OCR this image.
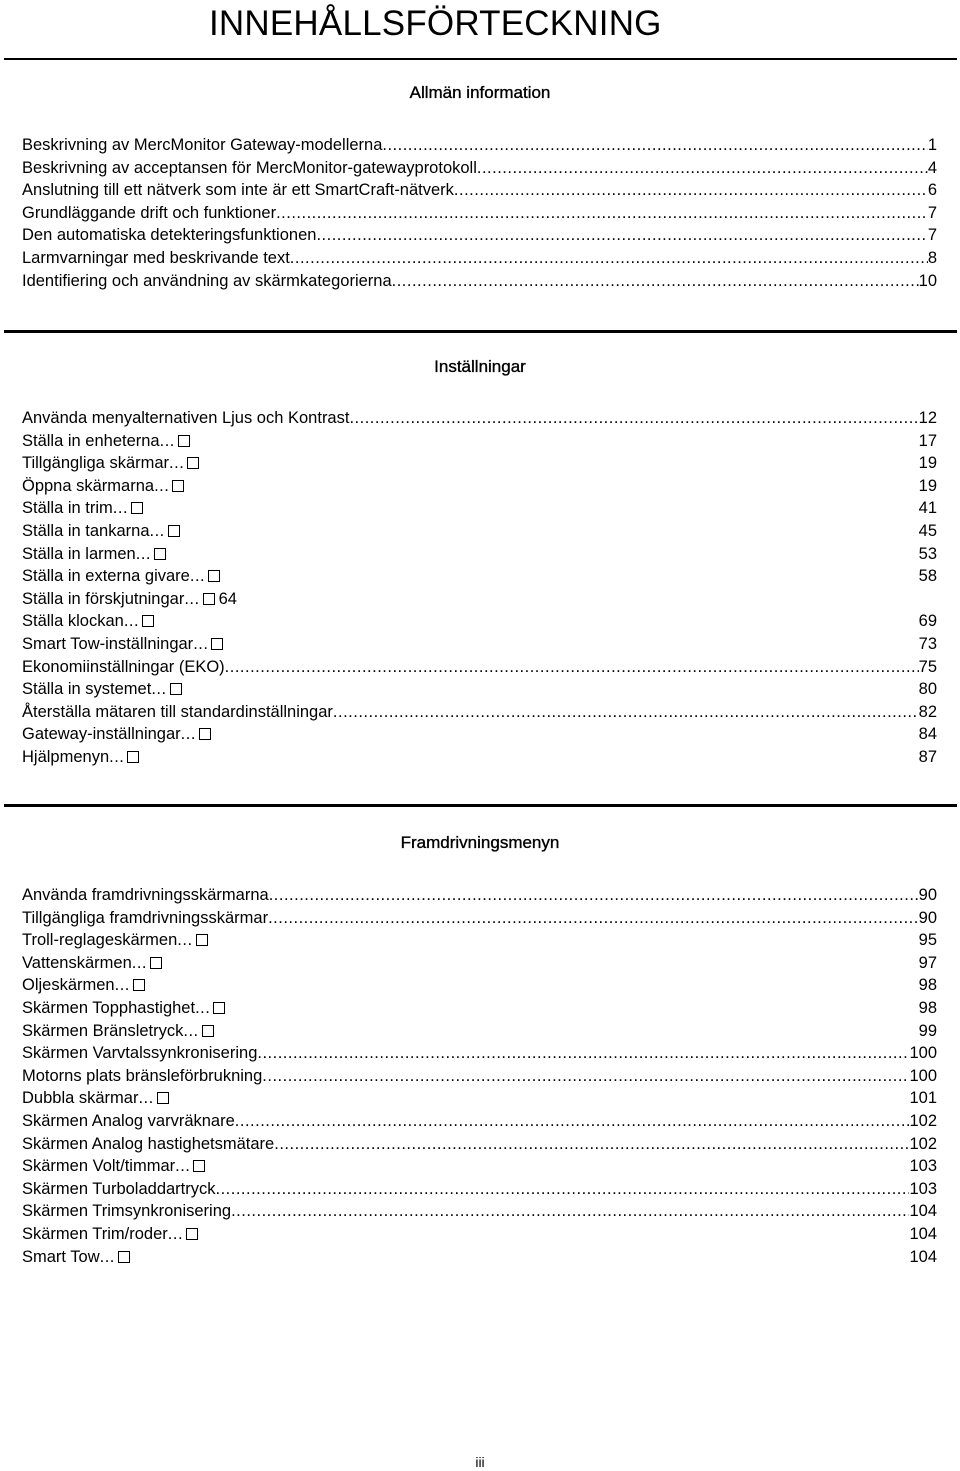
INNEHÅLLSFÖRTECKNING
Allmän information
Beskrivning av MercMonitor Gateway-modellerna .....	1
Beskrivning av acceptansen för MercMonitor-gatewayprotokoll .....	4
Anslutning till ett nätverk som inte är ett SmartCraft-nätverk .....	6
Grundläggande drift och funktioner .....	7
Den automatiska detekteringsfunktionen .....	7
Larmvarningar med beskrivande text .....	8
Identifiering och användning av skärmkategorierna .....	10
Inställningar
Använda menyalternativen Ljus och Kontrast .....	12
Ställa in enheterna...	17
Tillgängliga skärmar...	19
Öppna skärmarna...	19
Ställa in trim...	41
Ställa in tankarna...	45
Ställa in larmen...	53
Ställa in externa givare...	58
Ställa in förskjutningar... 64
Ställa klockan...	69
Smart Tow-inställningar...	73
Ekonomiinställningar (EKO) .....	75
Ställa in systemet...	80
Återställa mätaren till standardinställningar .....	82
Gateway-inställningar...	84
Hjälpmenyn...	87
Framdrivningsmenyn
Använda framdrivningsskärmarna .....	90
Tillgängliga framdrivningsskärmar .....	90
Troll-reglageskärmen...	95
Vattenskärmen...	97
Oljeskärmen...	98
Skärmen Topphastighet...	98
Skärmen Bränsletryck...	99
Skärmen Varvtalssynkronisering .....	100
Motorns plats bränsleförbrukning .....	100
Dubbla skärmar...	101
Skärmen Analog varvräknare .....	102
Skärmen Analog hastighetsmätare .....	102
Skärmen Volt/timmar...	103
Skärmen Turboladdartryck .....	103
Skärmen Trimsynkronisering .....	104
Skärmen Trim/roder...	104
Smart Tow...	104
iii
